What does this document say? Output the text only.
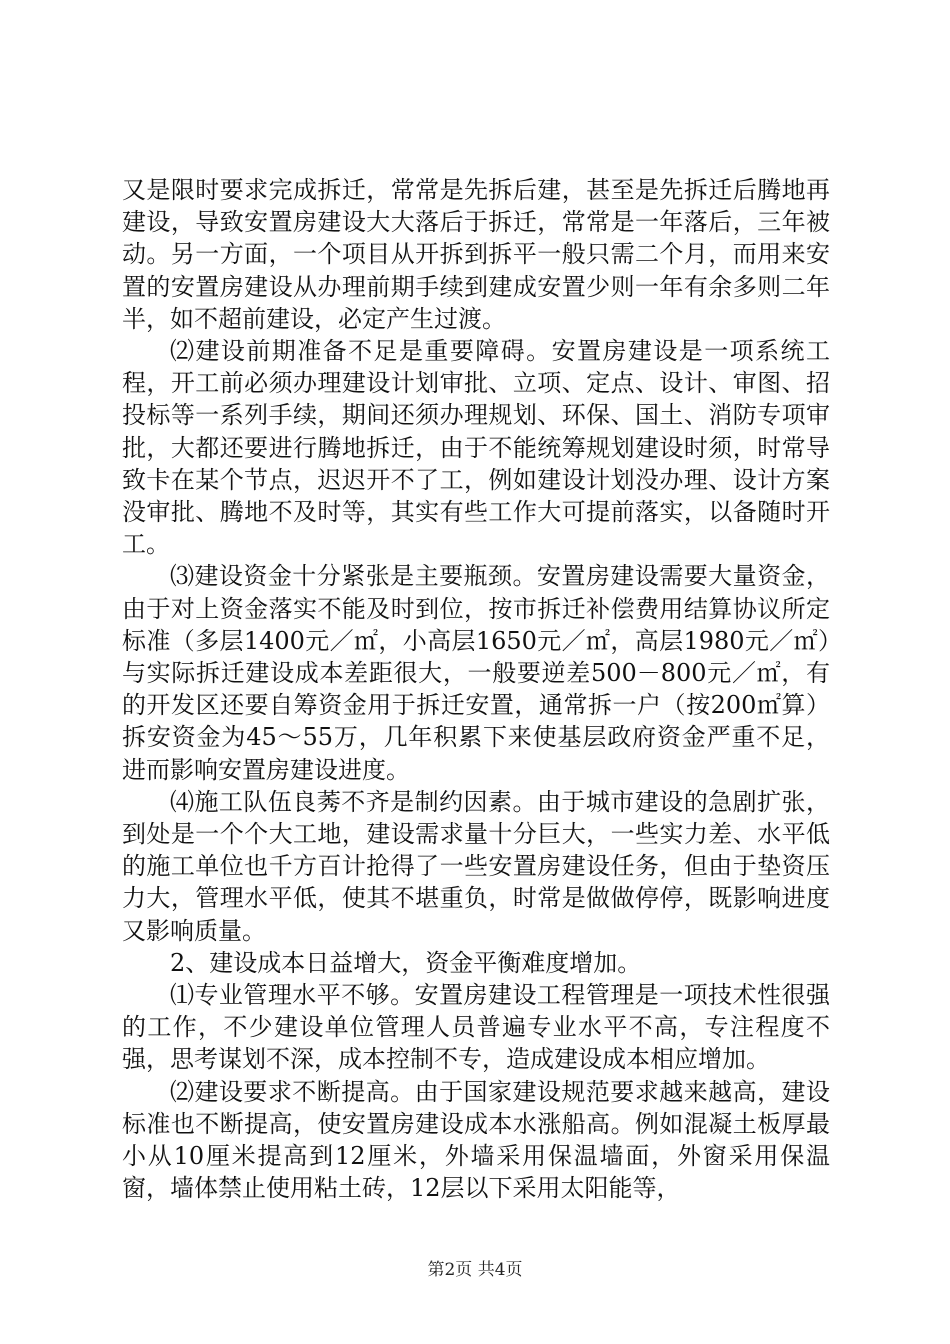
又是限时要求完成拆迁，常常是先拆后建，甚至是先拆迁后腾地再建设，导致安置房建设大大落后于拆迁，常常是一年落后，三年被动。另一方面，一个项目从开拆到拆平一般只需二个月，而用来安置的安置房建设从办理前期手续到建成安置少则一年有余多则二年半，如不超前建设，必定产生过渡。

⑵建设前期准备不足是重要障碍。安置房建设是一项系统工程，开工前必须办理建设计划审批、立项、定点、设计、审图、招投标等一系列手续，期间还须办理规划、环保、国土、消防专项审批，大都还要进行腾地拆迁，由于不能统筹规划建设时须，时常导致卡在某个节点，迟迟开不了工，例如建设计划没办理、设计方案没审批、腾地不及时等，其实有些工作大可提前落实，以备随时开工。

⑶建设资金十分紧张是主要瓶颈。安置房建设需要大量资金，由于对上资金落实不能及时到位，按市拆迁补偿费用结算协议所定标准（多层1400元／㎡，小高层1650元／㎡，高层1980元／㎡）与实际拆迁建设成本差距很大，一般要逆差500－800元／㎡，有的开发区还要自筹资金用于拆迁安置，通常拆一户（按200㎡算）拆安资金为45～55万，几年积累下来使基层政府资金严重不足，进而影响安置房建设进度。

⑷施工队伍良莠不齐是制约因素。由于城市建设的急剧扩张，到处是一个个大工地，建设需求量十分巨大，一些实力差、水平低的施工单位也千方百计抢得了一些安置房建设任务，但由于垫资压力大，管理水平低，使其不堪重负，时常是做做停停，既影响进度又影响质量。

2、建设成本日益增大，资金平衡难度增加。

⑴专业管理水平不够。安置房建设工程管理是一项技术性很强的工作，不少建设单位管理人员普遍专业水平不高，专注程度不强，思考谋划不深，成本控制不专，造成建设成本相应增加。

⑵建设要求不断提高。由于国家建设规范要求越来越高，建设标准也不断提高，使安置房建设成本水涨船高。例如混凝土板厚最小从10厘米提高到12厘米，外墙采用保温墙面，外窗采用保温窗，墙体禁止使用粘土砖，12层以下采用太阳能等，

第2页 共4页
